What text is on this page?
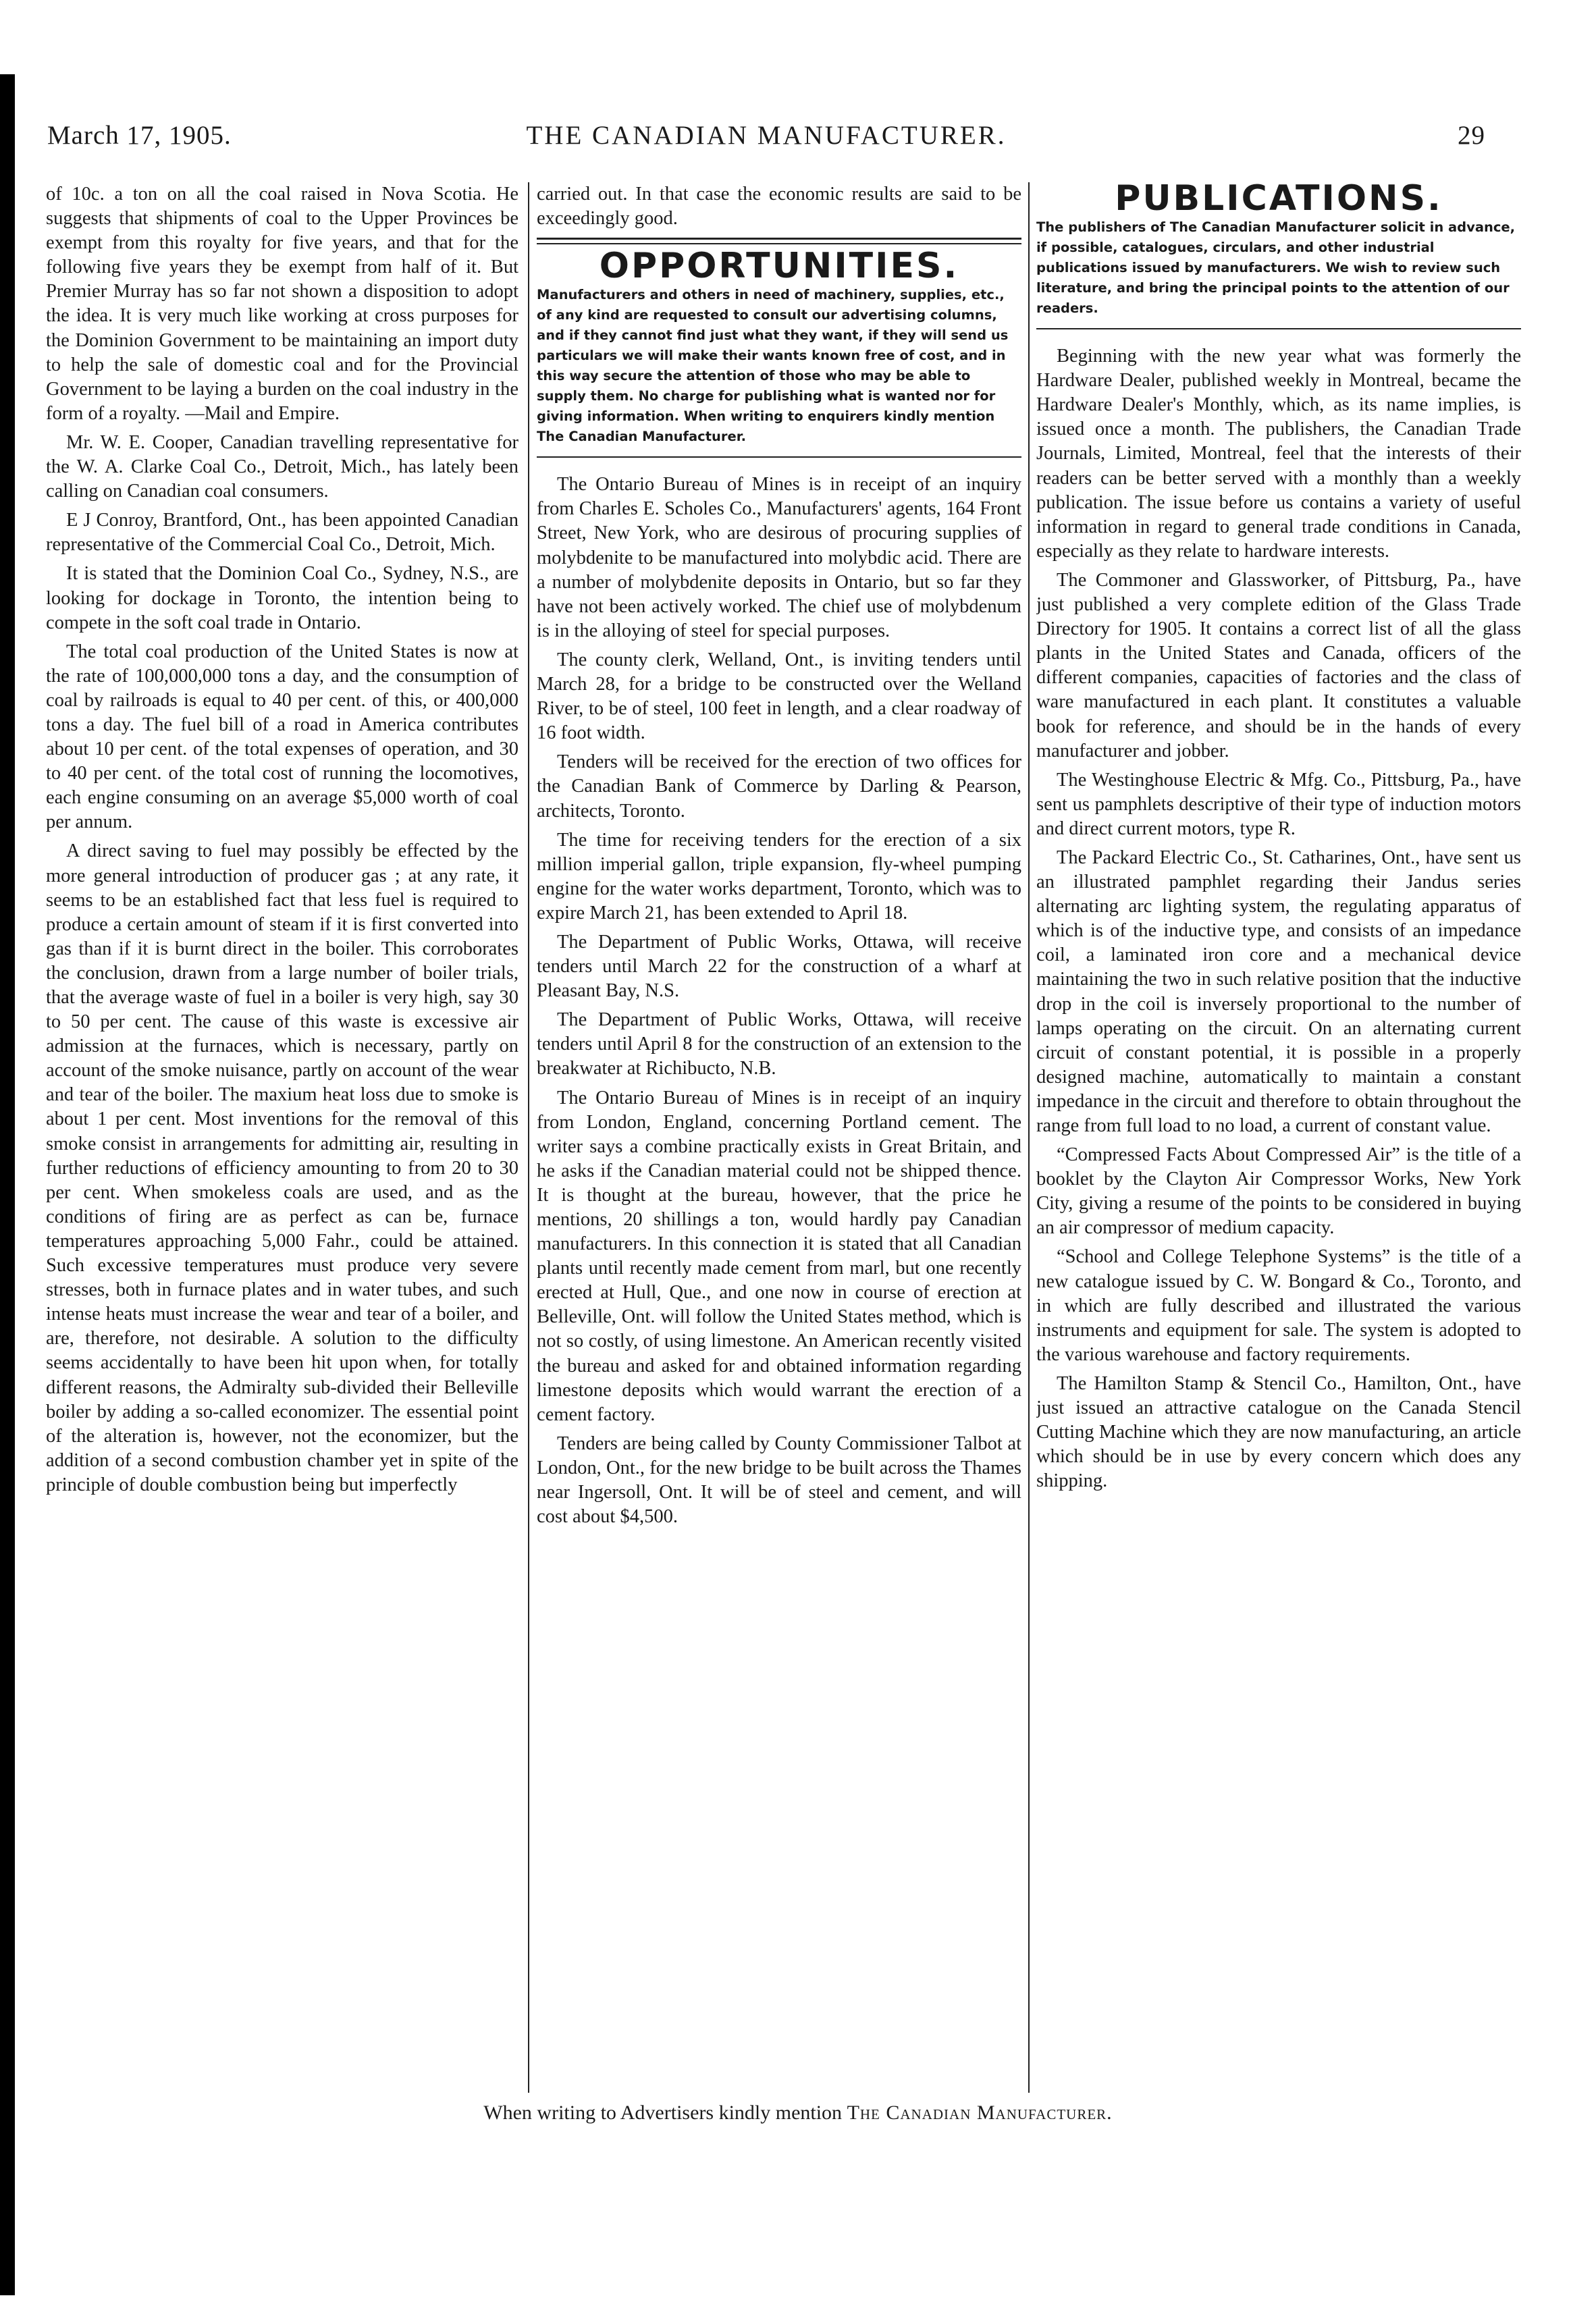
March 17, 1905.	THE CANADIAN MANUFACTURER.	29

of 10c. a ton on all the coal raised in Nova Scotia. He suggests that shipments of coal to the Upper Provinces be exempt from this royalty for five years, and that for the following five years they be exempt from half of it. But Premier Murray has so far not shown a disposition to adopt the idea. It is very much like working at cross purposes for the Dominion Government to be maintaining an import duty to help the sale of domestic coal and for the Provincial Government to be laying a burden on the coal industry in the form of a royalty. —Mail and Empire.

Mr. W. E. Cooper, Canadian travelling representative for the W. A. Clarke Coal Co., Detroit, Mich., has lately been calling on Canadian coal consumers.

E J Conroy, Brantford, Ont., has been appointed Canadian representative of the Commercial Coal Co., Detroit, Mich.

It is stated that the Dominion Coal Co., Sydney, N.S., are looking for dockage in Toronto, the intention being to compete in the soft coal trade in Ontario.

The total coal production of the United States is now at the rate of 100,000,000 tons a day, and the consumption of coal by railroads is equal to 40 per cent. of this, or 400,000 tons a day. The fuel bill of a road in America contributes about 10 per cent. of the total expenses of operation, and 30 to 40 per cent. of the total cost of running the locomotives, each engine consuming on an average $5,000 worth of coal per annum.

A direct saving to fuel may possibly be effected by the more general introduction of producer gas ; at any rate, it seems to be an established fact that less fuel is required to produce a certain amount of steam if it is first converted into gas than if it is burnt direct in the boiler. This corroborates the conclusion, drawn from a large number of boiler trials, that the average waste of fuel in a boiler is very high, say 30 to 50 per cent. The cause of this waste is excessive air admission at the furnaces, which is necessary, partly on account of the smoke nuisance, partly on account of the wear and tear of the boiler. The maxium heat loss due to smoke is about 1 per cent. Most inventions for the removal of this smoke consist in arrangements for admitting air, resulting in further reductions of efficiency amounting to from 20 to 30 per cent. When smokeless coals are used, and as the conditions of firing are as perfect as can be, furnace temperatures approaching 5,000 Fahr., could be attained. Such excessive temperatures must produce very severe stresses, both in furnace plates and in water tubes, and such intense heats must increase the wear and tear of a boiler, and are, therefore, not desirable. A solution to the difficulty seems accidentally to have been hit upon when, for totally different reasons, the Admiralty sub-divided their Belleville boiler by adding a so-called economizer. The essential point of the alteration is, however, not the economizer, but the addition of a second combustion chamber yet in spite of the principle of double combustion being but imperfectly

carried out. In that case the economic results are said to be exceedingly good.

OPPORTUNITIES.

Manufacturers and others in need of machinery, supplies, etc., of any kind are requested to consult our advertising columns, and if they cannot find just what they want, if they will send us particulars we will make their wants known free of cost, and in this way secure the attention of those who may be able to supply them. No charge for publishing what is wanted nor for giving information. When writing to enquirers kindly mention The Canadian Manufacturer.

The Ontario Bureau of Mines is in receipt of an inquiry from Charles E. Scholes Co., Manufacturers' agents, 164 Front Street, New York, who are desirous of procuring supplies of molybdenite to be manufactured into molybdic acid. There are a number of molybdenite deposits in Ontario, but so far they have not been actively worked. The chief use of molybdenum is in the alloying of steel for special purposes.

The county clerk, Welland, Ont., is inviting tenders until March 28, for a bridge to be constructed over the Welland River, to be of steel, 100 feet in length, and a clear roadway of 16 foot width.

Tenders will be received for the erection of two offices for the Canadian Bank of Commerce by Darling & Pearson, architects, Toronto.

The time for receiving tenders for the erection of a six million imperial gallon, triple expansion, fly-wheel pumping engine for the water works department, Toronto, which was to expire March 21, has been extended to April 18.

The Department of Public Works, Ottawa, will receive tenders until March 22 for the construction of a wharf at Pleasant Bay, N.S.

The Department of Public Works, Ottawa, will receive tenders until April 8 for the construction of an extension to the breakwater at Richibucto, N.B.

The Ontario Bureau of Mines is in receipt of an inquiry from London, England, concerning Portland cement. The writer says a combine practically exists in Great Britain, and he asks if the Canadian material could not be shipped thence. It is thought at the bureau, however, that the price he mentions, 20 shillings a ton, would hardly pay Canadian manufacturers. In this connection it is stated that all Canadian plants until recently made cement from marl, but one recently erected at Hull, Que., and one now in course of erection at Belleville, Ont. will follow the United States method, which is not so costly, of using limestone. An American recently visited the bureau and asked for and obtained information regarding limestone deposits which would warrant the erection of a cement factory.

Tenders are being called by County Commissioner Talbot at London, Ont., for the new bridge to be built across the Thames near Ingersoll, Ont. It will be of steel and cement, and will cost about $4,500.

PUBLICATIONS.

The publishers of The Canadian Manufacturer solicit in advance, if possible, catalogues, circulars, and other industrial publications issued by manufacturers. We wish to review such literature, and bring the principal points to the attention of our readers.

Beginning with the new year what was formerly the Hardware Dealer, published weekly in Montreal, became the Hardware Dealer's Monthly, which, as its name implies, is issued once a month. The publishers, the Canadian Trade Journals, Limited, Montreal, feel that the interests of their readers can be better served with a monthly than a weekly publication. The issue before us contains a variety of useful information in regard to general trade conditions in Canada, especially as they relate to hardware interests.

The Commoner and Glassworker, of Pittsburg, Pa., have just published a very complete edition of the Glass Trade Directory for 1905. It contains a correct list of all the glass plants in the United States and Canada, officers of the different companies, capacities of factories and the class of ware manufactured in each plant. It constitutes a valuable book for reference, and should be in the hands of every manufacturer and jobber.

The Westinghouse Electric & Mfg. Co., Pittsburg, Pa., have sent us pamphlets descriptive of their type of induction motors and direct current motors, type R.

The Packard Electric Co., St. Catharines, Ont., have sent us an illustrated pamphlet regarding their Jandus series alternating arc lighting system, the regulating apparatus of which is of the inductive type, and consists of an impedance coil, a laminated iron core and a mechanical device maintaining the two in such relative position that the inductive drop in the coil is inversely proportional to the number of lamps operating on the circuit. On an alternating current circuit of constant potential, it is possible in a properly designed machine, automatically to maintain a constant impedance in the circuit and therefore to obtain throughout the range from full load to no load, a current of constant value.

“Compressed Facts About Compressed Air” is the title of a booklet by the Clayton Air Compressor Works, New York City, giving a resume of the points to be considered in buying an air compressor of medium capacity.

“School and College Telephone Systems” is the title of a new catalogue issued by C. W. Bongard & Co., Toronto, and in which are fully described and illustrated the various instruments and equipment for sale. The system is adopted to the various warehouse and factory requirements.

The Hamilton Stamp & Stencil Co., Hamilton, Ont., have just issued an attractive catalogue on the Canada Stencil Cutting Machine which they are now manufacturing, an article which should be in use by every concern which does any shipping.

When writing to Advertisers kindly mention The Canadian Manufacturer.
